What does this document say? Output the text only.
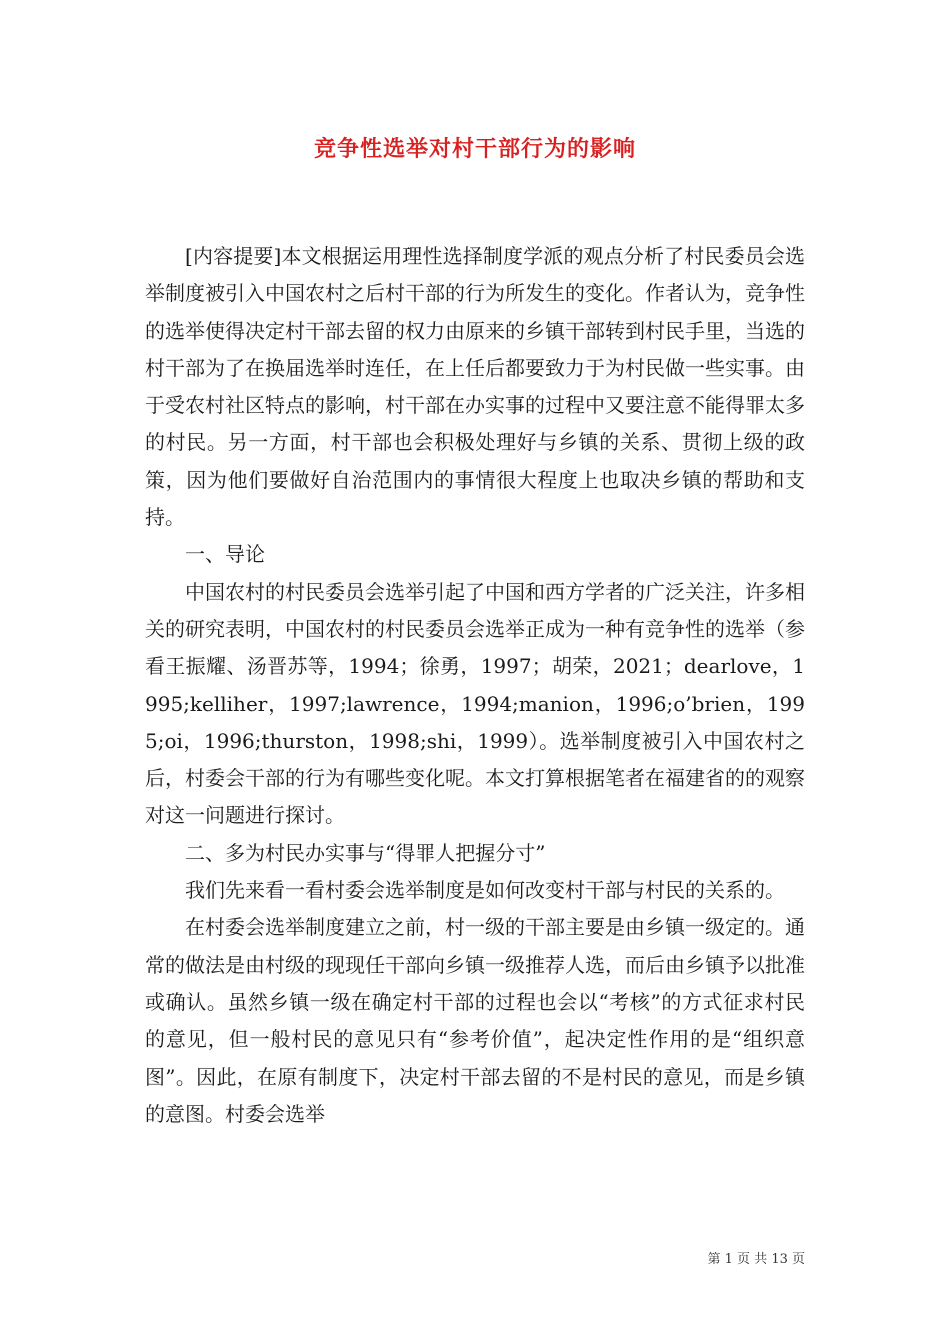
竞争性选举对村干部行为的影响

[内容提要]本文根据运用理性选择制度学派的观点分析了村民委员会选举制度被引入中国农村之后村干部的行为所发生的变化。作者认为，竞争性的选举使得决定村干部去留的权力由原来的乡镇干部转到村民手里，当选的村干部为了在换届选举时连任，在上任后都要致力于为村民做一些实事。由于受农村社区特点的影响，村干部在办实事的过程中又要注意不能得罪太多的村民。另一方面，村干部也会积极处理好与乡镇的关系、贯彻上级的政策，因为他们要做好自治范围内的事情很大程度上也取决乡镇的帮助和支持。

一、导论

中国农村的村民委员会选举引起了中国和西方学者的广泛关注，许多相关的研究表明，中国农村的村民委员会选举正成为一种有竞争性的选举（参看王振耀、汤晋苏等，1994；徐勇，1997；胡荣，2021；dearlove，1995;kelliher，1997;lawrence，1994;manion，1996;o’brien，1995;oi，1996;thurston，1998;shi，1999）。选举制度被引入中国农村之后，村委会干部的行为有哪些变化呢。本文打算根据笔者在福建省的的观察对这一问题进行探讨。

二、多为村民办实事与“得罪人把握分寸”

我们先来看一看村委会选举制度是如何改变村干部与村民的关系的。

在村委会选举制度建立之前，村一级的干部主要是由乡镇一级定的。通常的做法是由村级的现现任干部向乡镇一级推荐人选，而后由乡镇予以批准或确认。虽然乡镇一级在确定村干部的过程也会以“考核”的方式征求村民的意见，但一般村民的意见只有“参考价值”，起决定性作用的是“组织意图”。因此，在原有制度下，决定村干部去留的不是村民的意见，而是乡镇的意图。村委会选举

第 1 页 共 13 页
